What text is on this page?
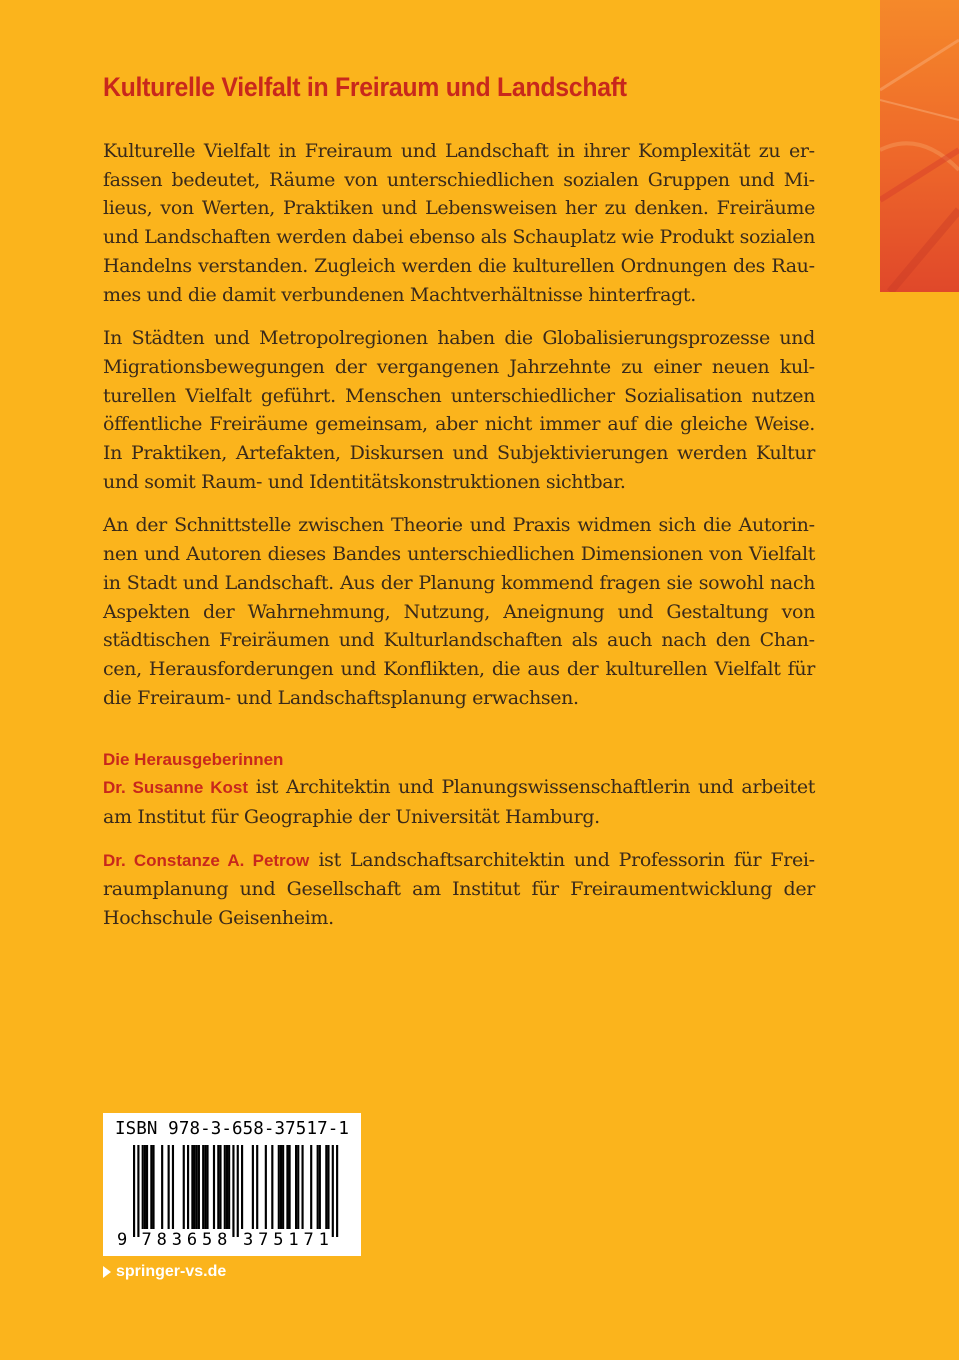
Kulturelle Vielfalt in Freiraum und Landschaft

Kulturelle Vielfalt in Freiraum und Landschaft in ihrer Komplexität zu erfassen bedeutet, Räume von unterschiedlichen sozialen Gruppen und Milieus, von Werten, Praktiken und Lebensweisen her zu denken. Freiräume und Landschaften werden dabei ebenso als Schauplatz wie Produkt sozialen Handelns verstanden. Zugleich werden die kulturellen Ordnungen des Raumes und die damit verbundenen Machtverhältnisse hinterfragt.

In Städten und Metropolregionen haben die Globalisierungsprozesse und Migrationsbewegungen der vergangenen Jahrzehnte zu einer neuen kulturellen Vielfalt geführt. Menschen unterschiedlicher Sozialisation nutzen öffentliche Freiräume gemeinsam, aber nicht immer auf die gleiche Weise. In Praktiken, Artefakten, Diskursen und Subjektivierungen werden Kultur und somit Raum- und Identitätskonstruktionen sichtbar.

An der Schnittstelle zwischen Theorie und Praxis widmen sich die Autorinnen und Autoren dieses Bandes unterschiedlichen Dimensionen von Vielfalt in Stadt und Landschaft. Aus der Planung kommend fragen sie sowohl nach Aspekten der Wahrnehmung, Nutzung, Aneignung und Gestaltung von städtischen Freiräumen und Kulturlandschaften als auch nach den Chancen, Herausforderungen und Konflikten, die aus der kulturellen Vielfalt für die Freiraum- und Landschaftsplanung erwachsen.

Die Herausgeberinnen

Dr. Susanne Kost ist Architektin und Planungswissenschaftlerin und arbeitet am Institut für Geographie der Universität Hamburg.

Dr. Constanze A. Petrow ist Landschaftsarchitektin und Professorin für Freiraumplanung und Gesellschaft am Institut für Freiraumentwicklung der Hochschule Geisenheim.

ISBN 978-3-658-37517-1
9 7 8 3 6 5 8 3 7 5 1 7 1
springer-vs.de
